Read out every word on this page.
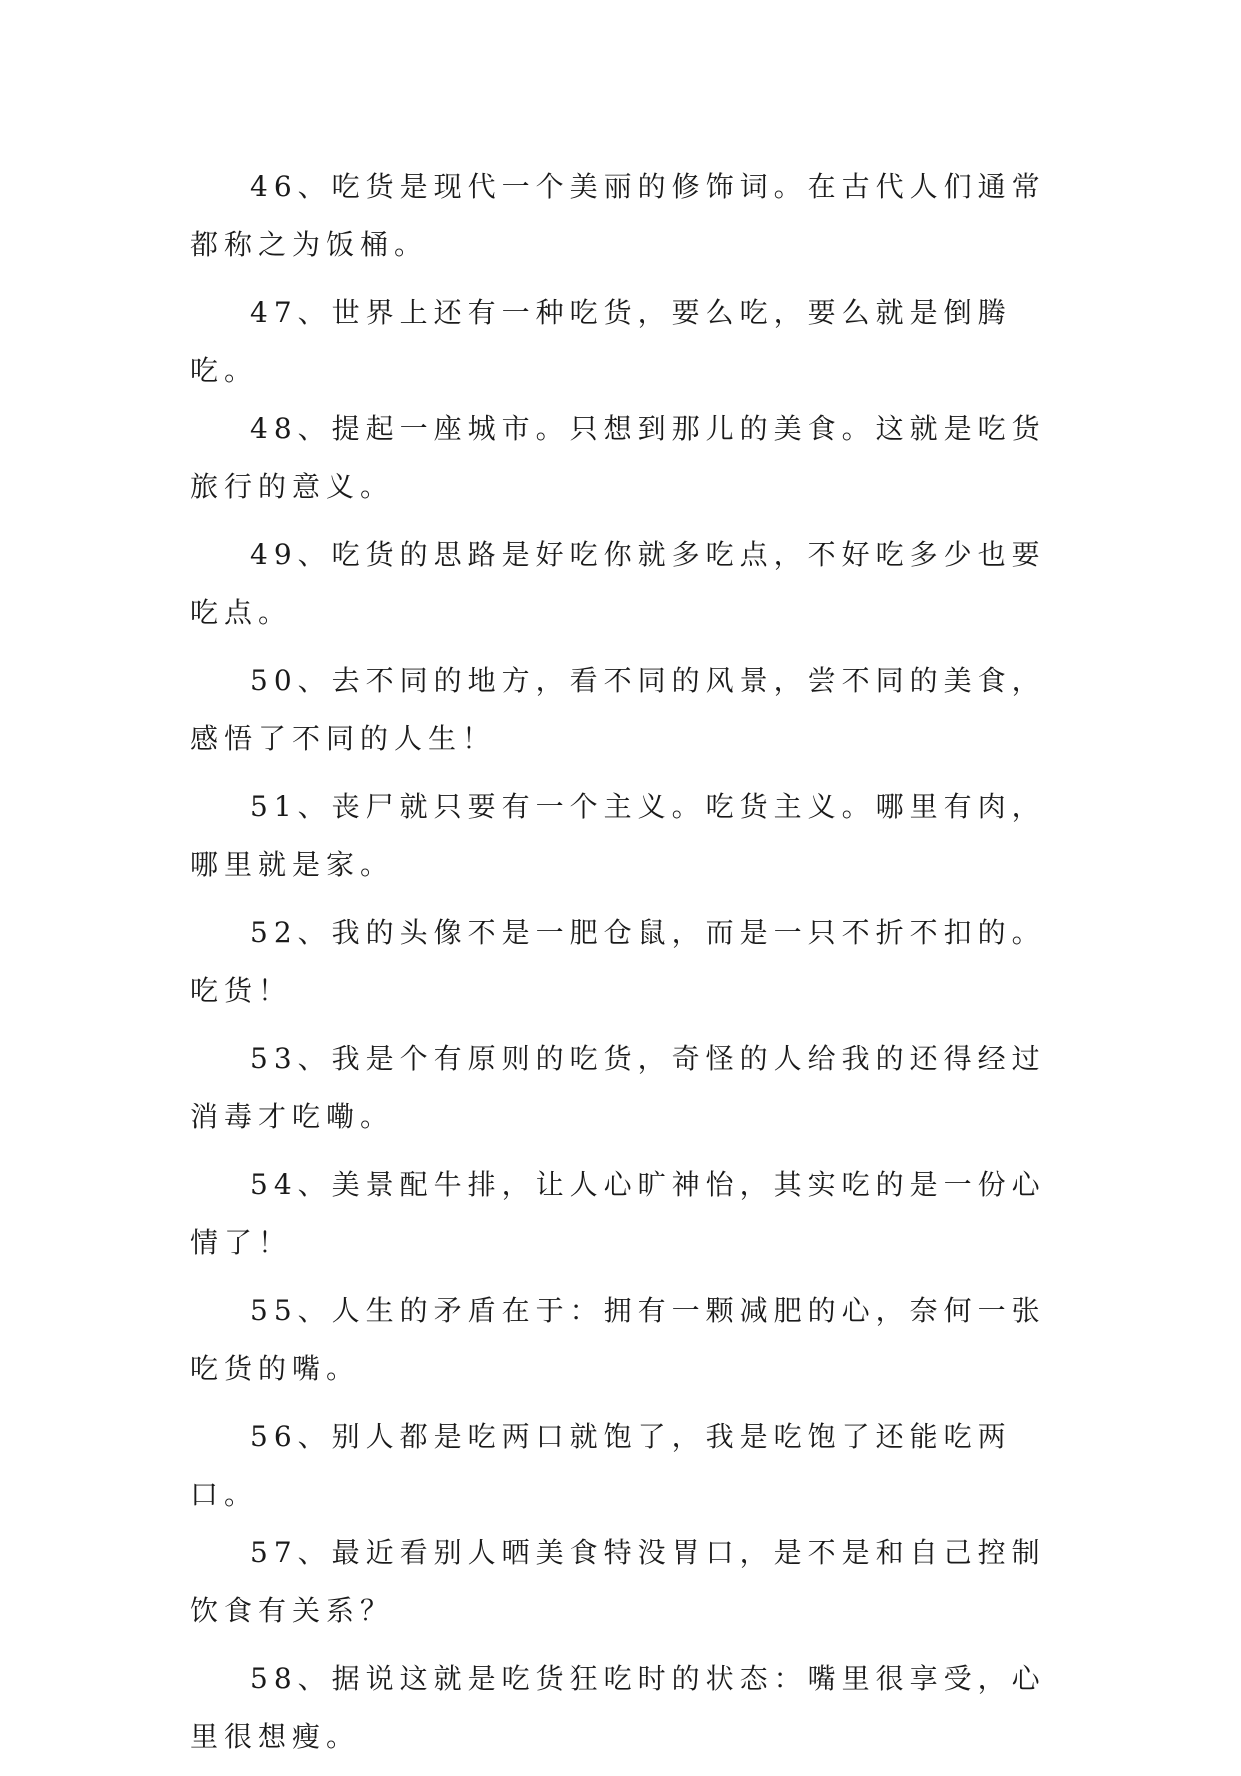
46、吃货是现代一个美丽的修饰词。在古代人们通常都称之为饭桶。

47、世界上还有一种吃货，要么吃，要么就是倒腾吃。

48、提起一座城市。只想到那儿的美食。这就是吃货旅行的意义。

49、吃货的思路是好吃你就多吃点，不好吃多少也要吃点。

50、去不同的地方，看不同的风景，尝不同的美食，感悟了不同的人生！

51、丧尸就只要有一个主义。吃货主义。哪里有肉，哪里就是家。

52、我的头像不是一肥仓鼠，而是一只不折不扣的。吃货！

53、我是个有原则的吃货，奇怪的人给我的还得经过消毒才吃嘞。

54、美景配牛排，让人心旷神怡，其实吃的是一份心情了！

55、人生的矛盾在于：拥有一颗减肥的心，奈何一张吃货的嘴。

56、别人都是吃两口就饱了，我是吃饱了还能吃两口。

57、最近看别人晒美食特没胃口，是不是和自己控制饮食有关系？

58、据说这就是吃货狂吃时的状态：嘴里很享受，心里很想瘦。
